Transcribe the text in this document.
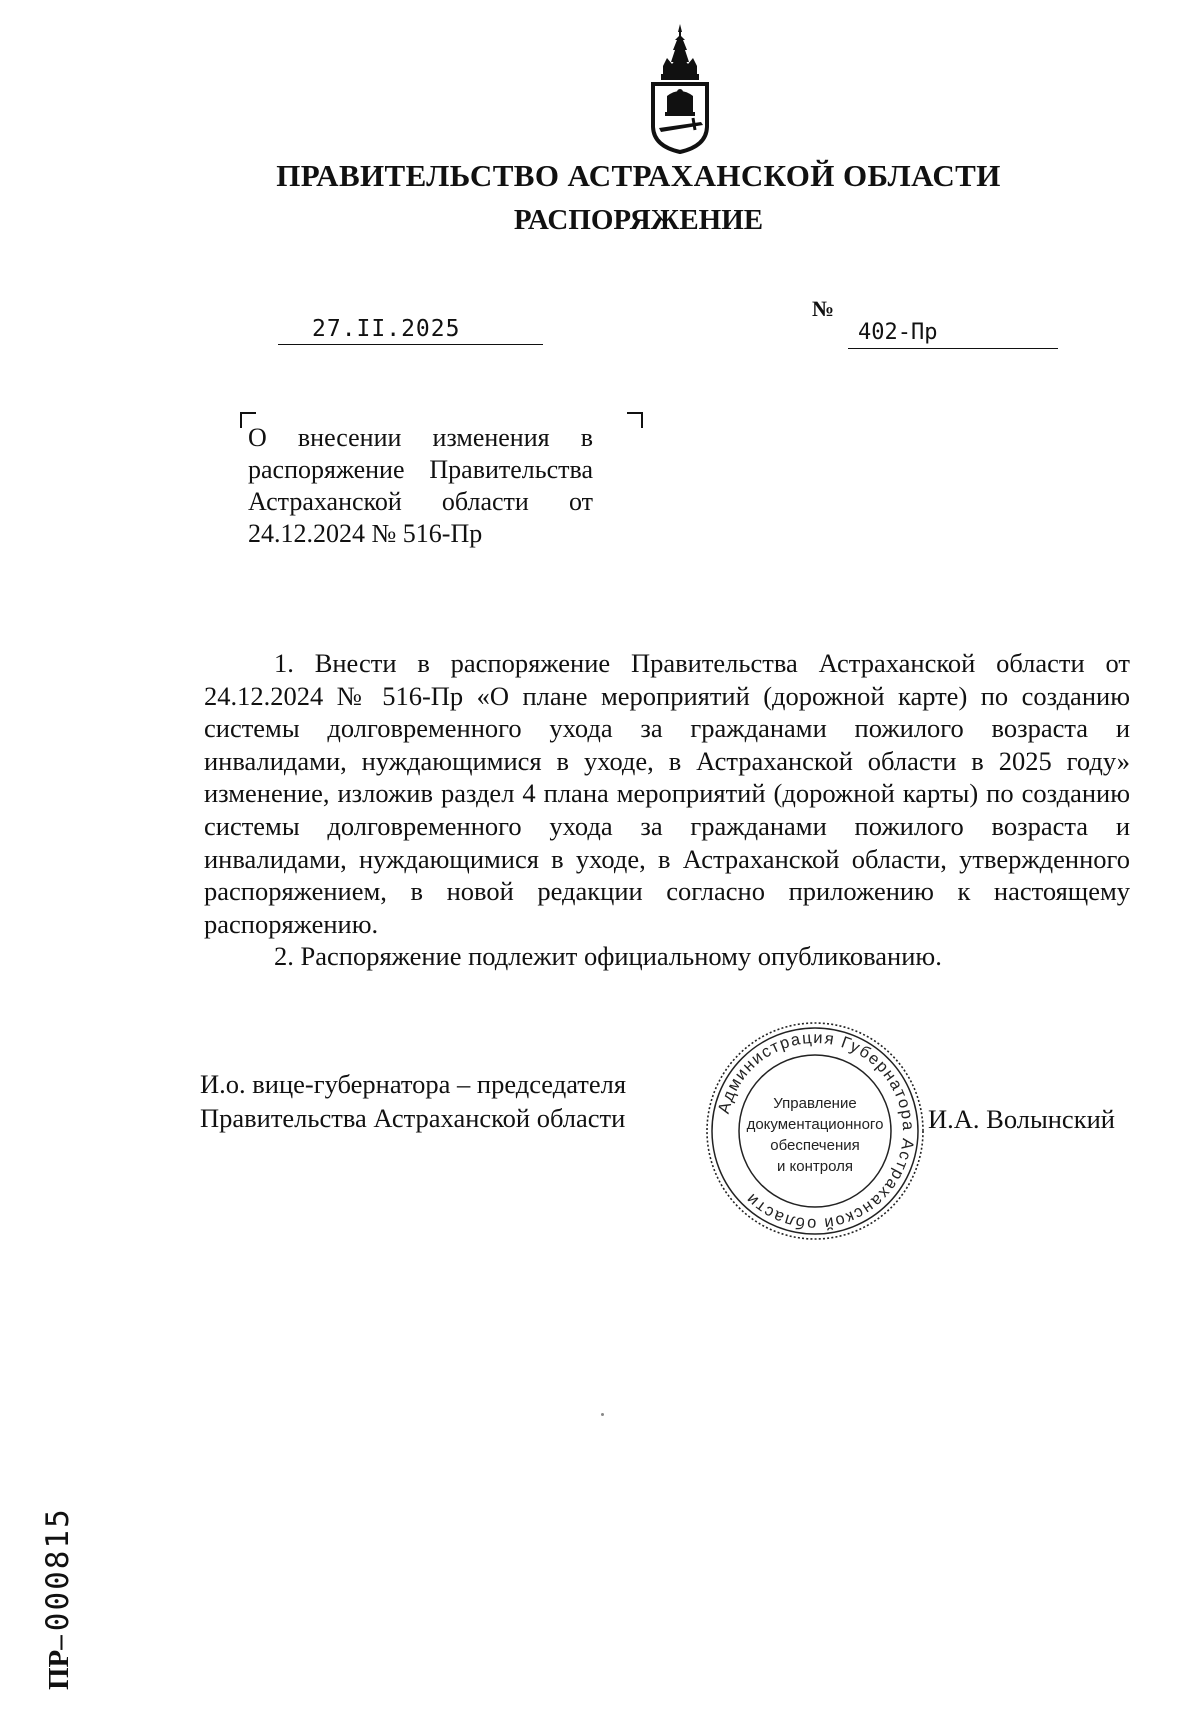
ПРАВИТЕЛЬСТВО АСТРАХАНСКОЙ ОБЛАСТИ
РАСПОРЯЖЕНИЕ
27.II.2025
№
402-Пр
О внесении изменения в распоряжение Правительства Астраханской области от 24.12.2024 № 516-Пр

1. Внести в распоряжение Правительства Астраханской области от 24.12.2024 № 516-Пр «О плане мероприятий (дорожной карте) по созданию системы долговременного ухода за гражданами пожилого возраста и инвалидами, нуждающимися в уходе, в Астраханской области в 2025 году» изменение, изложив раздел 4 плана мероприятий (дорожной карты) по созданию системы долговременного ухода за гражданами пожилого возраста и инвалидами, нуждающимися в уходе, в Астраханской области, утвержденного распоряжением, в новой редакции согласно приложению к настоящему распоряжению.

2. Распоряжение подлежит официальному опубликованию.

И.о. вице-губернатора – председателя
Правительства Астраханской области	Администрация Губернатора Астраханской области
Управление
документационного
обеспечения
и контроля
И.А. Волынский
ПР– 000815
